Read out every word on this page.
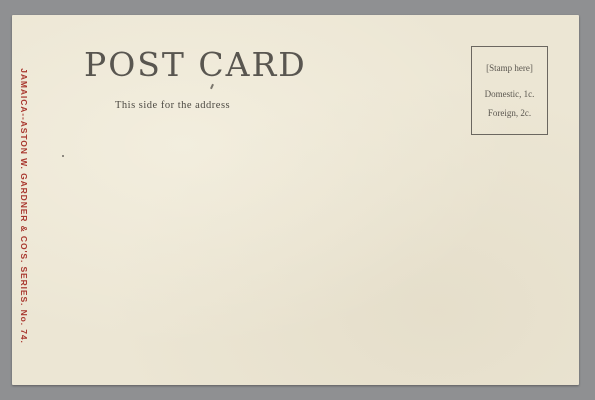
POST CARD
This side for the address
[Stamp here]
Domestic, 1c.
Foreign, 2c.
JAMAICA--ASTON W. GARDNER & CO'S. SERIES. No. 74.
